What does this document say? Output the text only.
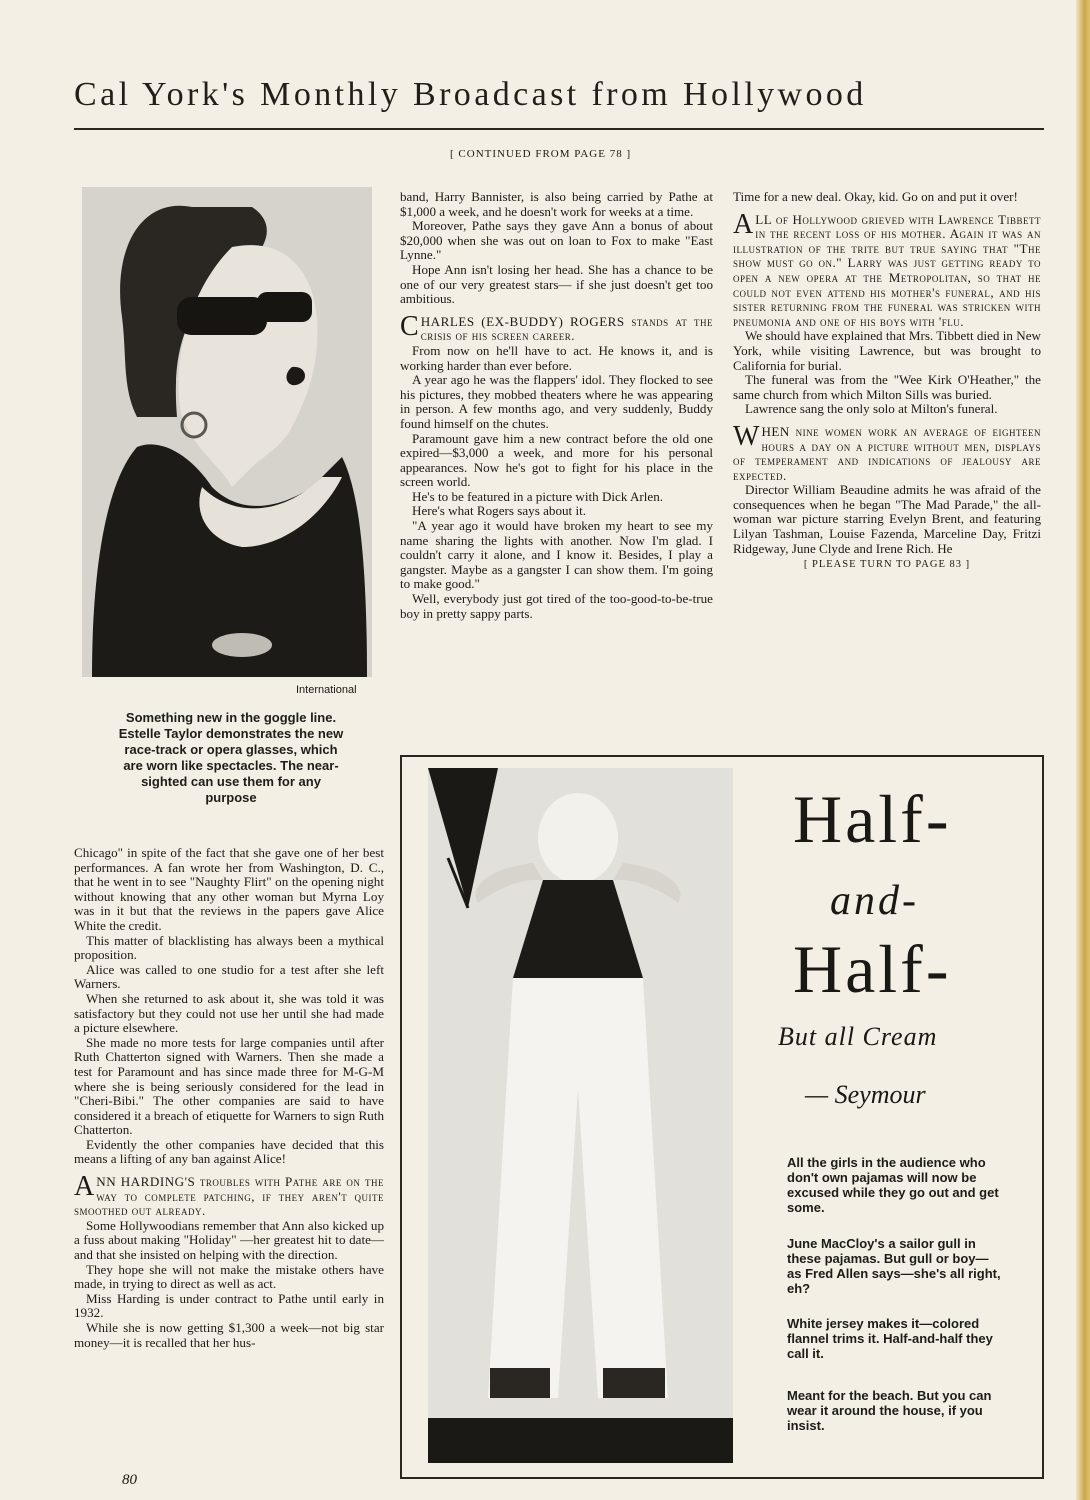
Cal York's Monthly Broadcast from Hollywood
[ CONTINUED FROM PAGE 78 ]
International
Something new in the goggle line. Estelle Taylor demonstrates the new race-track or opera glasses, which are worn like spectacles. The near-sighted can use them for any purpose

Chicago" in spite of the fact that she gave one of her best performances. A fan wrote her from Washington, D. C., that he went in to see "Naughty Flirt" on the opening night without knowing that any other woman but Myrna Loy was in it but that the reviews in the papers gave Alice White the credit.

This matter of blacklisting has always been a mythical proposition.

Alice was called to one studio for a test after she left Warners.

When she returned to ask about it, she was told it was satisfactory but they could not use her until she had made a picture elsewhere.

She made no more tests for large companies until after Ruth Chatterton signed with Warners. Then she made a test for Paramount and has since made three for M-G-M where she is being seriously considered for the lead in "Cheri-Bibi." The other companies are said to have considered it a breach of etiquette for Warners to sign Ruth Chatterton.

Evidently the other companies have decided that this means a lifting of any ban against Alice!

ANN HARDING'S troubles with Pathe are on the way to complete patching, if they aren't quite smoothed out already.

Some Hollywoodians remember that Ann also kicked up a fuss about making "Holiday" —her greatest hit to date—and that she insisted on helping with the direction.

They hope she will not make the mistake others have made, in trying to direct as well as act.

Miss Harding is under contract to Pathe until early in 1932.

While she is now getting $1,300 a week—not big star money—it is recalled that her hus-

band, Harry Bannister, is also being carried by Pathe at $1,000 a week, and he doesn't work for weeks at a time.

Moreover, Pathe says they gave Ann a bonus of about $20,000 when she was out on loan to Fox to make "East Lynne."

Hope Ann isn't losing her head. She has a chance to be one of our very greatest stars— if she just doesn't get too ambitious.

CHARLES (EX-BUDDY) ROGERS stands at the crisis of his screen career.

From now on he'll have to act. He knows it, and is working harder than ever before.

A year ago he was the flappers' idol. They flocked to see his pictures, they mobbed theaters where he was appearing in person. A few months ago, and very suddenly, Buddy found himself on the chutes.

Paramount gave him a new contract before the old one expired—$3,000 a week, and more for his personal appearances. Now he's got to fight for his place in the screen world.

He's to be featured in a picture with Dick Arlen.

Here's what Rogers says about it.

"A year ago it would have broken my heart to see my name sharing the lights with another. Now I'm glad. I couldn't carry it alone, and I know it. Besides, I play a gangster. Maybe as a gangster I can show them. I'm going to make good."

Well, everybody just got tired of the too-good-to-be-true boy in pretty sappy parts.

Time for a new deal. Okay, kid. Go on and put it over!

ALL of Hollywood grieved with Lawrence Tibbett in the recent loss of his mother. Again it was an illustration of the trite but true saying that "The show must go on." Larry was just getting ready to open a new opera at the Metropolitan, so that he could not even attend his mother's funeral, and his sister returning from the funeral was stricken with pneumonia and one of his boys with 'flu.

We should have explained that Mrs. Tibbett died in New York, while visiting Lawrence, but was brought to California for burial.

The funeral was from the "Wee Kirk O'Heather," the same church from which Milton Sills was buried.

Lawrence sang the only solo at Milton's funeral.

WHEN nine women work an average of eighteen hours a day on a picture without men, displays of temperament and indications of jealousy are expected.

Director William Beaudine admits he was afraid of the consequences when he began "The Mad Parade," the all-woman war picture starring Evelyn Brent, and featuring Lilyan Tashman, Louise Fazenda, Marceline Day, Fritzi Ridgeway, June Clyde and Irene Rich. He

[ PLEASE TURN TO PAGE 83 ]
Half-
and-
Half-
But all Cream
— Seymour
All the girls in the audience who don't own pajamas will now be excused while they go out and get some.
June MacCloy's a sailor gull in these pajamas. But gull or boy—as Fred Allen says—she's all right, eh?
White jersey makes it—colored flannel trims it. Half-and-half they call it.
Meant for the beach. But you can wear it around the house, if you insist.
80
